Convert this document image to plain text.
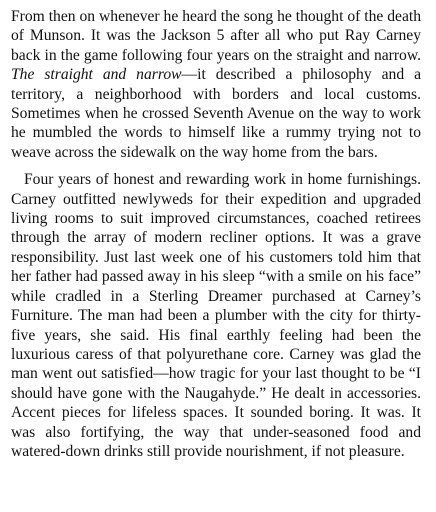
From then on whenever he heard the song he thought of the death of Munson. It was the Jackson 5 after all who put Ray Carney back in the game following four years on the straight and narrow. The straight and narrow—it described a philosophy and a territory, a neighborhood with borders and local customs. Sometimes when he crossed Seventh Avenue on the way to work he mumbled the words to himself like a rummy trying not to weave across the sidewalk on the way home from the bars.

Four years of honest and rewarding work in home furnishings. Carney outfitted newlyweds for their expedition and upgraded living rooms to suit improved circumstances, coached retirees through the array of modern recliner options. It was a grave responsibility. Just last week one of his customers told him that her father had passed away in his sleep “with a smile on his face” while cradled in a Sterling Dreamer purchased at Carney’s Furniture. The man had been a plumber with the city for thirty-five years, she said. His final earthly feeling had been the luxurious caress of that polyurethane core. Carney was glad the man went out satisfied—how tragic for your last thought to be “I should have gone with the Naugahyde.” He dealt in accessories. Accent pieces for lifeless spaces. It sounded boring. It was. It was also fortifying, the way that under-seasoned food and watered-down drinks still provide nourishment, if not pleasure.
